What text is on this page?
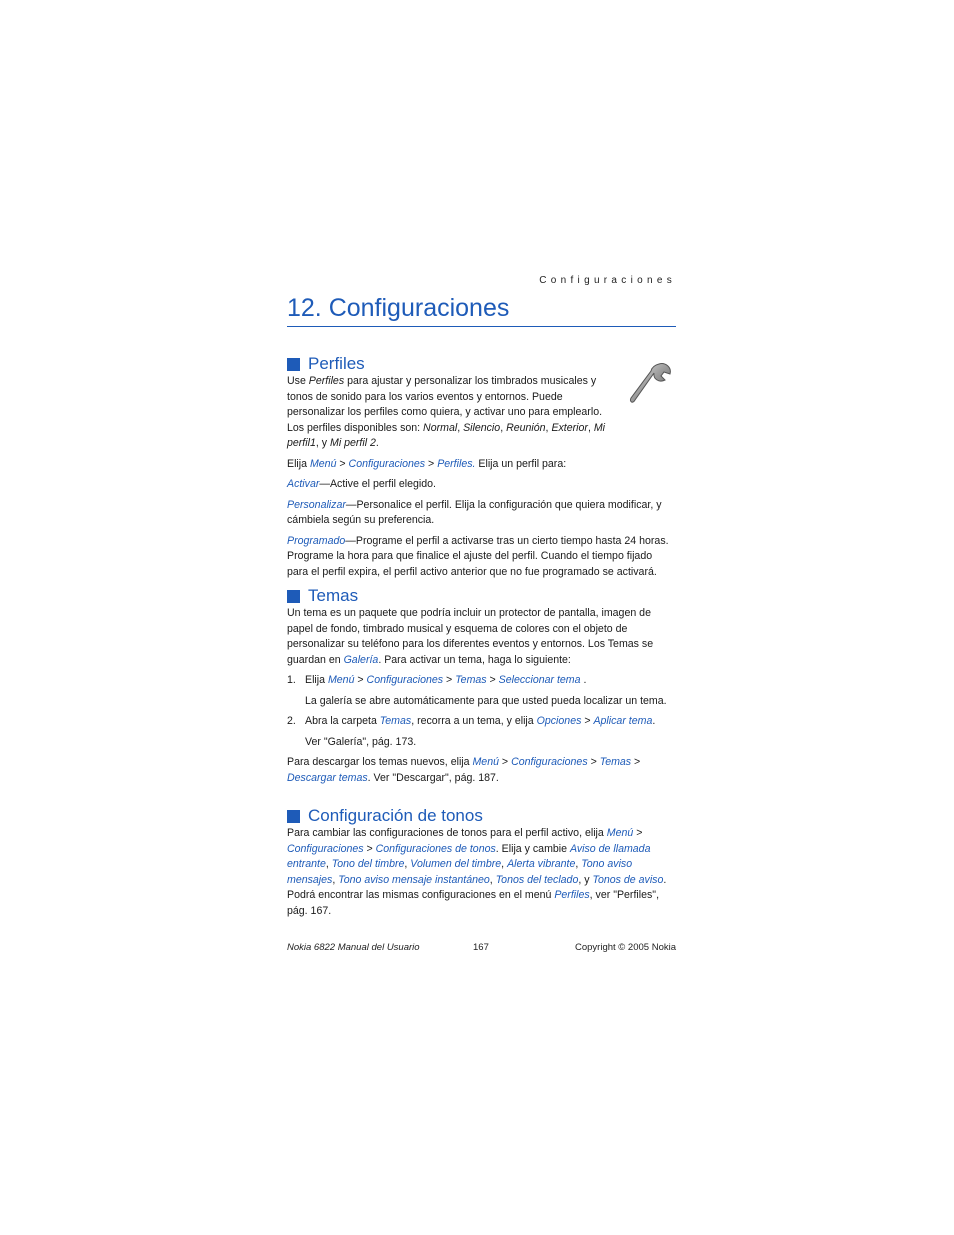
Configuraciones
12. Configuraciones
Perfiles

Use Perfiles para ajustar y personalizar los timbrados musicales y tonos de sonido para los varios eventos y entornos. Puede personalizar los perfiles como quiera, y activar uno para emplearlo. Los perfiles disponibles son: Normal, Silencio, Reunión, Exterior, Mi perfil1, y Mi perfil 2.

Elija Menú > Configuraciones > Perfiles. Elija un perfil para:

Activar—Active el perfil elegido.

Personalizar—Personalice el perfil. Elija la configuración que quiera modificar, y cámbiela según su preferencia.

Programado—Programe el perfil a activarse tras un cierto tiempo hasta 24 horas. Programe la hora para que finalice el ajuste del perfil. Cuando el tiempo fijado para el perfil expira, el perfil activo anterior que no fue programado se activará.

Temas

Un tema es un paquete que podría incluir un protector de pantalla, imagen de papel de fondo, timbrado musical y esquema de colores con el objeto de personalizar su teléfono para los diferentes eventos y entornos. Los Temas se guardan en Galería. Para activar un tema, haga lo siguiente:

1. Elija Menú > Configuraciones > Temas > Seleccionar tema .

La galería se abre automáticamente para que usted pueda localizar un tema.

2. Abra la carpeta Temas, recorra a un tema, y elija Opciones > Aplicar tema.

Ver "Galería", pág. 173.

Para descargar los temas nuevos, elija Menú > Configuraciones > Temas > Descargar temas. Ver "Descargar", pág. 187.

Configuración de tonos

Para cambiar las configuraciones de tonos para el perfil activo, elija Menú > Configuraciones > Configuraciones de tonos. Elija y cambie Aviso de llamada entrante, Tono del timbre, Volumen del timbre, Alerta vibrante, Tono aviso mensajes, Tono aviso mensaje instantáneo, Tonos del teclado, y Tonos de aviso. Podrá encontrar las mismas configuraciones en el menú Perfiles, ver "Perfiles", pág. 167.

Nokia 6822 Manual del Usuario	167	Copyright © 2005 Nokia
